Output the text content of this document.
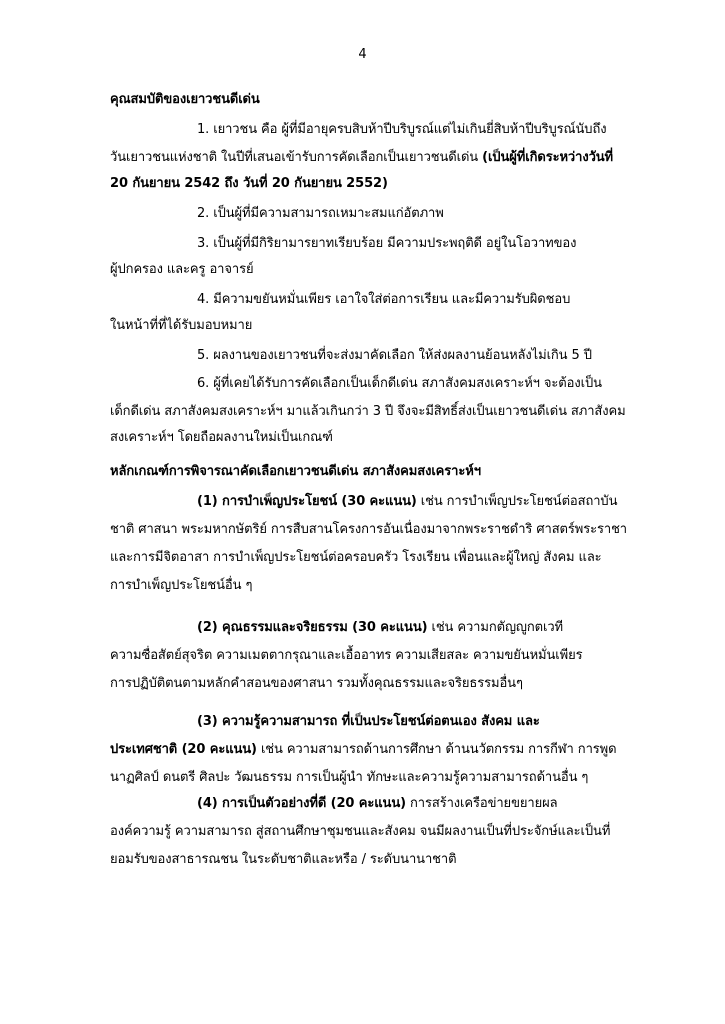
4
คุณสมบัติของเยาวชนดีเด่น
1. เยาวชน คือ ผู้ที่มีอายุครบสิบห้าปีบริบูรณ์แต่ไม่เกินยี่สิบห้าปีบริบูรณ์นับถึง
วันเยาวชนแห่งชาติ ในปีที่เสนอเข้ารับการคัดเลือกเป็นเยาวชนดีเด่น (เป็นผู้ที่เกิดระหว่างวันที่
20 กันยายน 2542 ถึง วันที่ 20 กันยายน 2552)
2. เป็นผู้ที่มีความสามารถเหมาะสมแก่อัตภาพ
3. เป็นผู้ที่มีกิริยามารยาทเรียบร้อย มีความประพฤติดี อยู่ในโอวาทของ
ผู้ปกครอง และครู อาจารย์
4. มีความขยันหมั่นเพียร เอาใจใส่ต่อการเรียน และมีความรับผิดชอบ
ในหน้าที่ที่ได้รับมอบหมาย
5. ผลงานของเยาวชนที่จะส่งมาคัดเลือก ให้ส่งผลงานย้อนหลังไม่เกิน 5 ปี
6. ผู้ที่เคยได้รับการคัดเลือกเป็นเด็กดีเด่น สภาสังคมสงเคราะห์ฯ จะต้องเป็น
เด็กดีเด่น สภาสังคมสงเคราะห์ฯ มาแล้วเกินกว่า 3 ปี จึงจะมีสิทธิ์ส่งเป็นเยาวชนดีเด่น สภาสังคม
สงเคราะห์ฯ โดยถือผลงานใหม่เป็นเกณฑ์
หลักเกณฑ์การพิจารณาคัดเลือกเยาวชนดีเด่น สภาสังคมสงเคราะห์ฯ
(1) การบำเพ็ญประโยชน์ (30 คะแนน) เช่น การบำเพ็ญประโยชน์ต่อสถาบัน
ชาติ ศาสนา พระมหากษัตริย์ การสืบสานโครงการอันเนื่องมาจากพระราชดำริ ศาสตร์พระราชา
และการมีจิตอาสา การบำเพ็ญประโยชน์ต่อครอบครัว โรงเรียน เพื่อนและผู้ใหญ่ สังคม และ
การบำเพ็ญประโยชน์อื่น ๆ
(2) คุณธรรมและจริยธรรม (30 คะแนน) เช่น ความกตัญญูกตเวที
ความซื่อสัตย์สุจริต ความเมตตากรุณาและเอื้ออาทร ความเสียสละ ความขยันหมั่นเพียร
การปฏิบัติตนตามหลักคำสอนของศาสนา รวมทั้งคุณธรรมและจริยธรรมอื่นๆ
(3) ความรู้ความสามารถ ที่เป็นประโยชน์ต่อตนเอง สังคม และ
ประเทศชาติ (20 คะแนน) เช่น ความสามารถด้านการศึกษา ด้านนวัตกรรม การกีฬา การพูด
นาฏศิลป์ ดนตรี ศิลปะ วัฒนธรรม การเป็นผู้นำ ทักษะและความรู้ความสามารถด้านอื่น ๆ
(4) การเป็นตัวอย่างที่ดี (20 คะแนน) การสร้างเครือข่ายขยายผล
องค์ความรู้ ความสามารถ สู่สถานศึกษาชุมชนและสังคม จนมีผลงานเป็นที่ประจักษ์และเป็นที่
ยอมรับของสาธารณชน ในระดับชาติและหรือ / ระดับนานาชาติ
